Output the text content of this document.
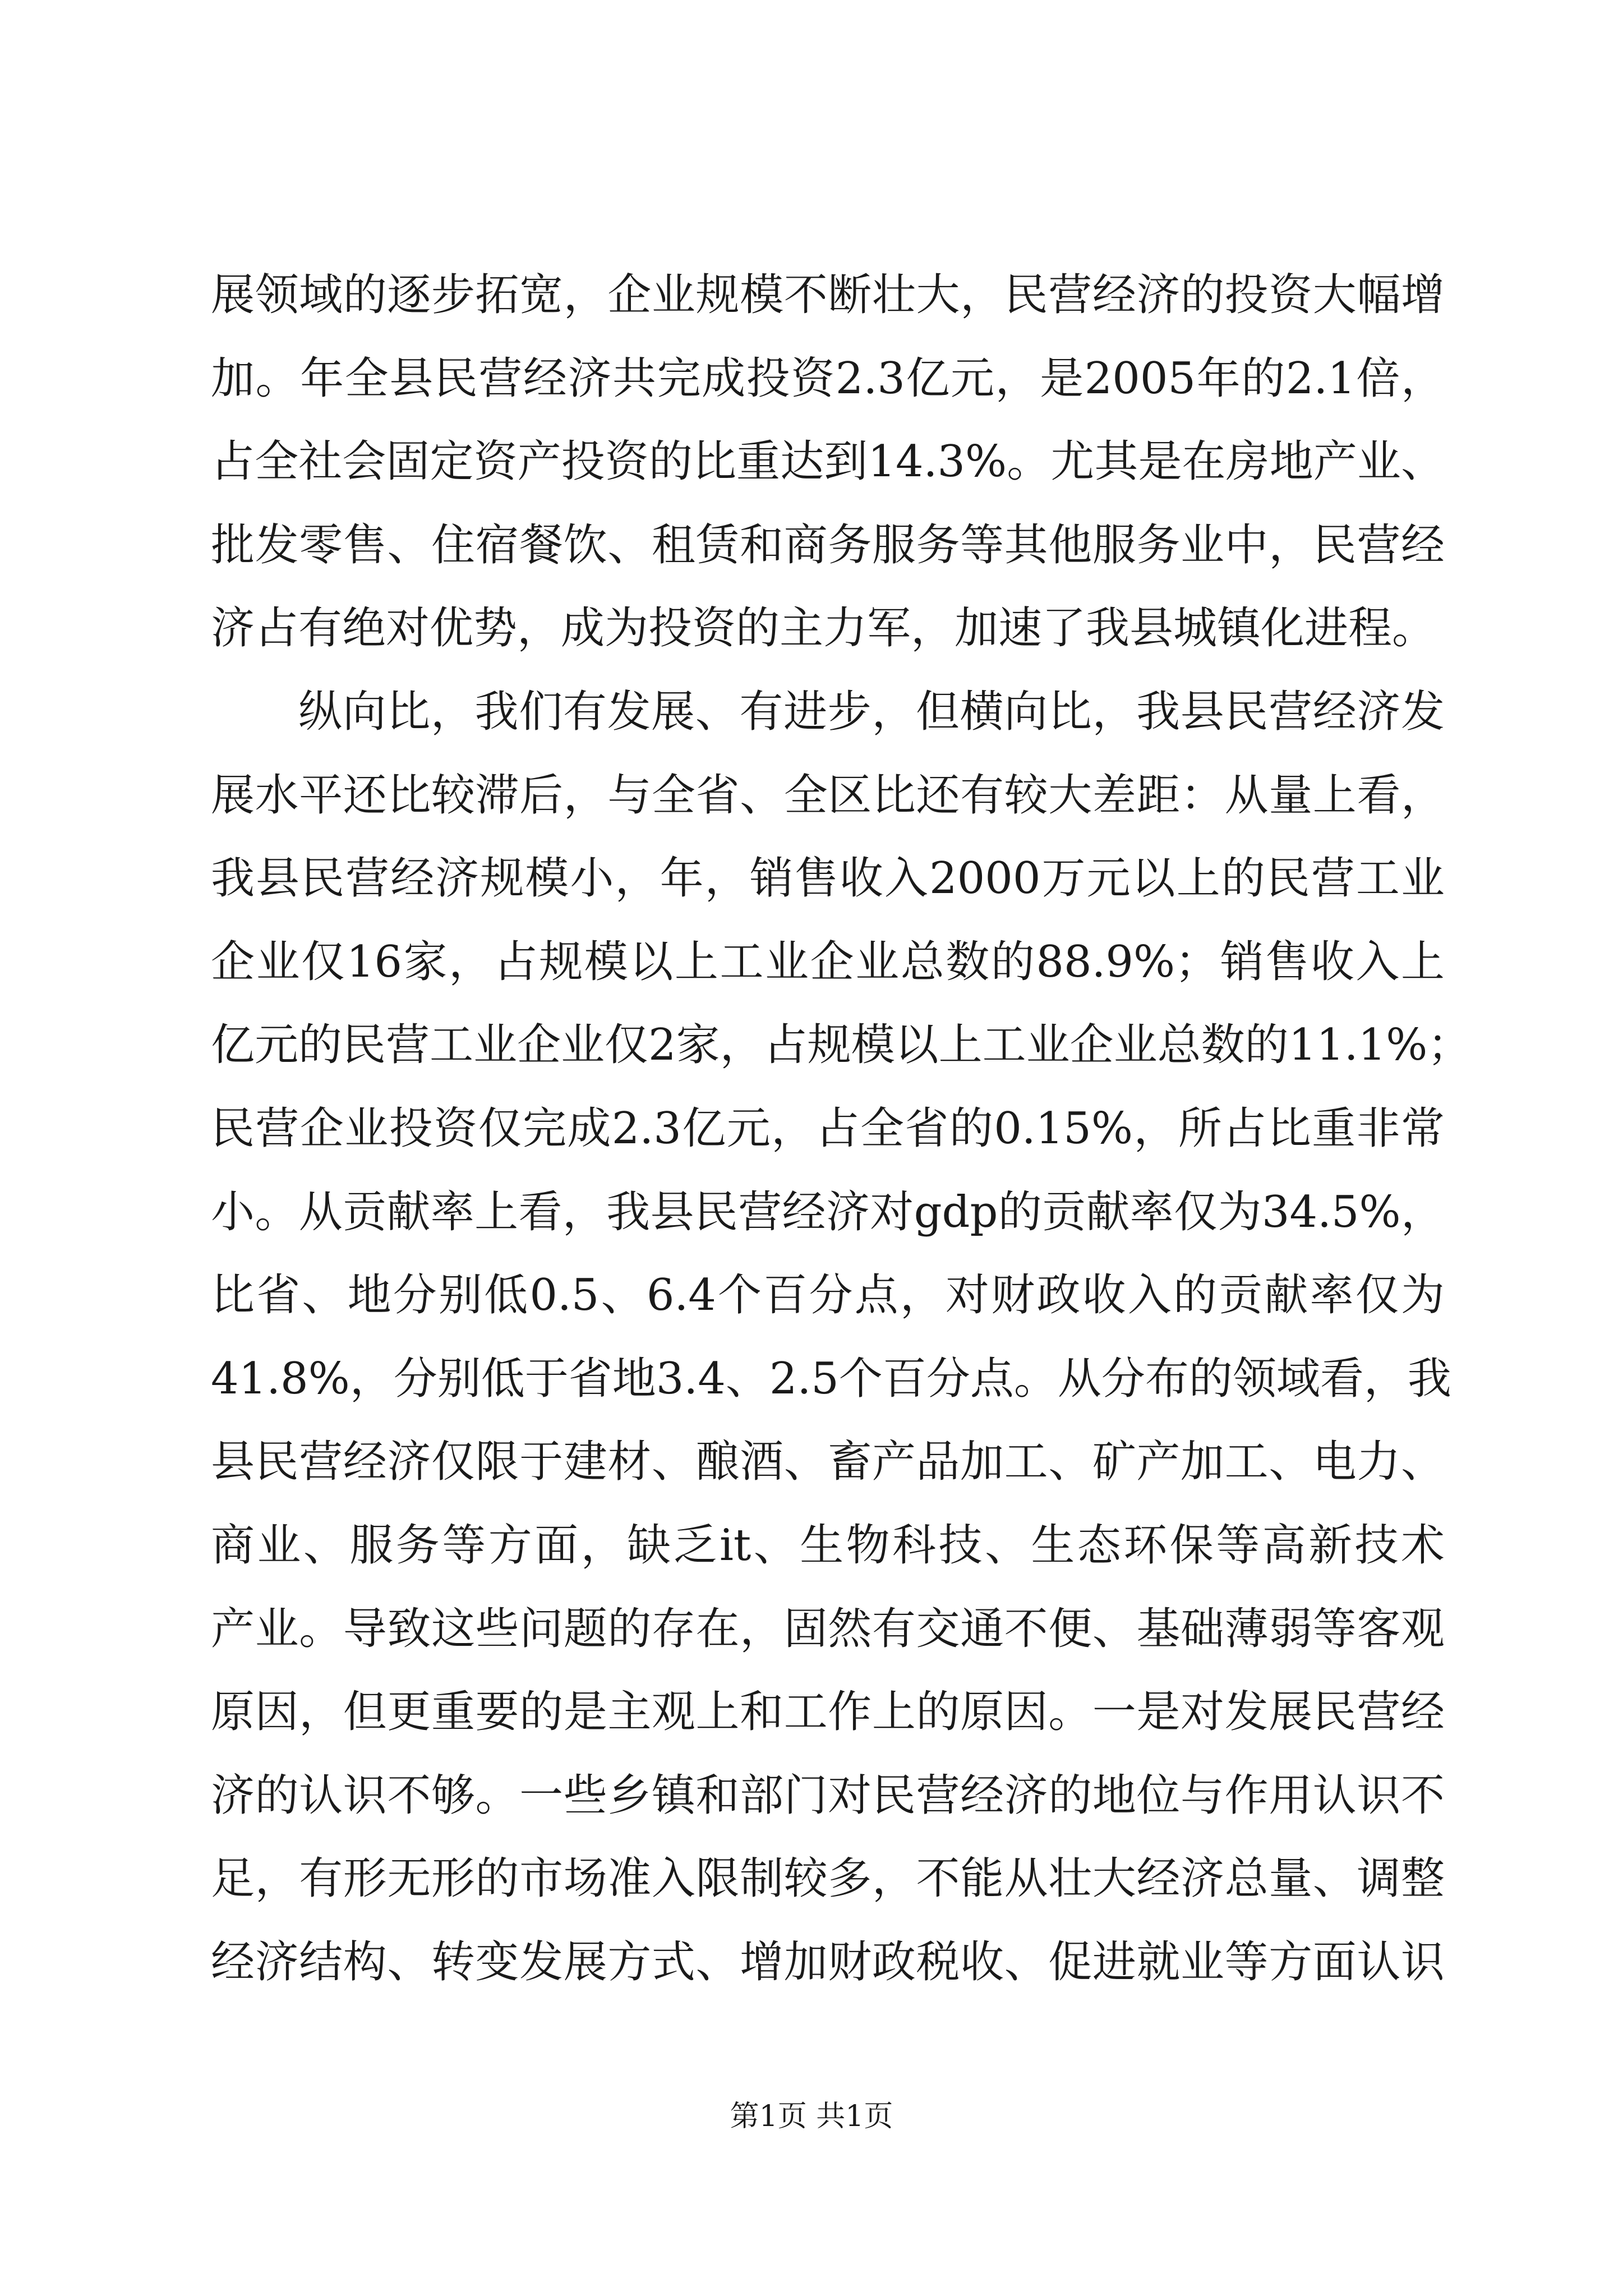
展领域的逐步拓宽，企业规模不断壮大，民营经济的投资大幅增
加。年全县民营经济共完成投资2.3亿元，是2005年的2.1倍，
占全社会固定资产投资的比重达到14.3%。尤其是在房地产业、
批发零售、住宿餐饮、租赁和商务服务等其他服务业中，民营经
济占有绝对优势，成为投资的主力军，加速了我县城镇化进程。
纵向比，我们有发展、有进步，但横向比，我县民营经济发
展水平还比较滞后，与全省、全区比还有较大差距：从量上看，
我县民营经济规模小，年，销售收入2000万元以上的民营工业
企业仅16家，占规模以上工业企业总数的88.9%；销售收入上
亿元的民营工业企业仅2家，占规模以上工业企业总数的11.1%；
民营企业投资仅完成2.3亿元，占全省的0.15%，所占比重非常
小。从贡献率上看，我县民营经济对gdp的贡献率仅为34.5%，
比省、地分别低0.5、6.4个百分点，对财政收入的贡献率仅为
41.8%，分别低于省地3.4、2.5个百分点。从分布的领域看，我
县民营经济仅限于建材、酿酒、畜产品加工、矿产加工、电力、
商业、服务等方面，缺乏it、生物科技、生态环保等高新技术
产业。导致这些问题的存在，固然有交通不便、基础薄弱等客观
原因，但更重要的是主观上和工作上的原因。一是对发展民营经
济的认识不够。一些乡镇和部门对民营经济的地位与作用认识不
足，有形无形的市场准入限制较多，不能从壮大经济总量、调整
经济结构、转变发展方式、增加财政税收、促进就业等方面认识
第1页 共1页
